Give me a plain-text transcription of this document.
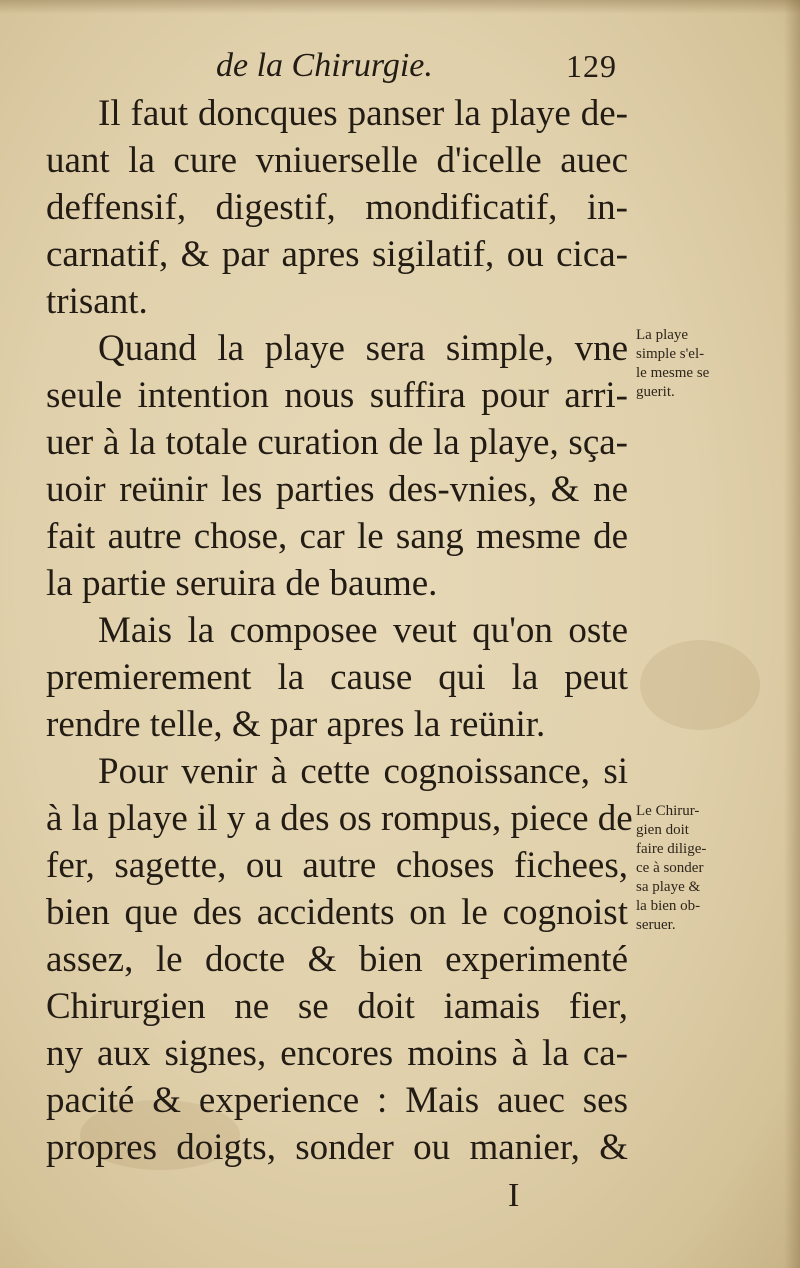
de la Chirurgie.	129
Il faut doncques panser la playe de-
uant la cure vniuerselle d'icelle auec
deffensif, digestif, mondificatif, in-
carnatif, & par apres sigilatif, ou cica-
trisant.
Quand la playe sera simple, vne
seule intention nous suffira pour arri-
uer à la totale curation de la playe, sça-
uoir reünir les parties des-vnies, & ne
fait autre chose, car le sang mesme de
la partie seruira de baume.
Mais la composee veut qu'on oste
premierement la cause qui la peut
rendre telle, & par apres la reünir.
Pour venir à cette cognoissance, si
à la playe il y a des os rompus, piece de
fer, sagette, ou autre choses fichees,
bien que des accidents on le cognoist
assez, le docte & bien experimenté
Chirurgien ne se doit iamais fier,
ny aux signes, encores moins à la ca-
pacité & experience : Mais auec ses
propres doigts, sonder ou manier, &
La playe
simple s'el-
le mesme se
guerit.
Le Chirur-
gien doit
faire dilige-
ce à sonder
sa playe &
la bien ob-
seruer.
I
